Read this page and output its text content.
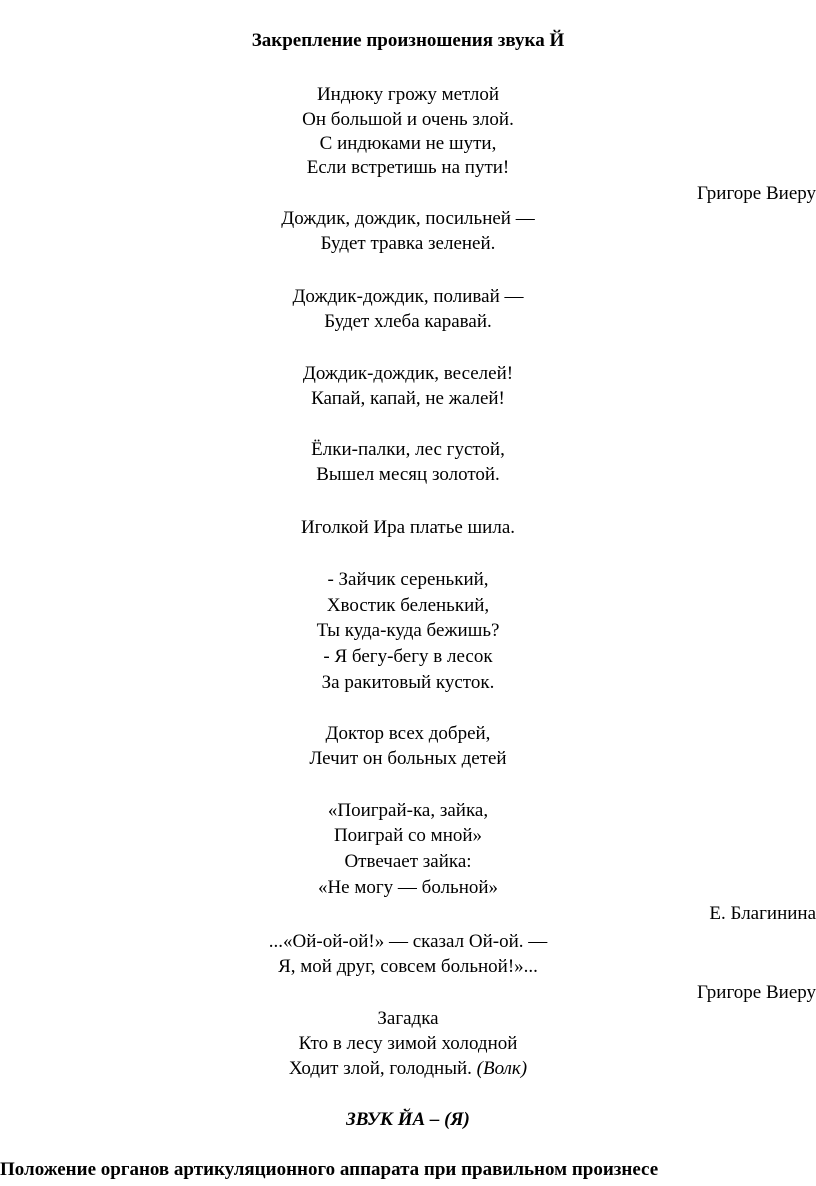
Закрепление произношения звука Й
Индюку грожу метлой
Он большой и очень злой.
С индюками не шути,
Если встретишь на пути!
Григоре Виеру
Дождик, дождик, посильней —
Будет травка зеленей.
Дождик-дождик, поливай —
Будет хлеба каравай.
Дождик-дождик, веселей!
Капай, капай, не жалей!
Ёлки-палки, лес густой,
Вышел месяц золотой.
Иголкой Ира платье шила.
- Зайчик серенький,
Хвостик беленький,
Ты куда-куда бежишь?
- Я бегу-бегу в лесок
За ракитовый кусток.
Доктор всех добрей,
Лечит он больных детей
«Поиграй-ка, зайка,
Поиграй со мной»
Отвечает зайка:
«Не могу — больной»
Е. Благинина
...«Ой-ой-ой!» — сказал Ой-ой. —
Я, мой друг, совсем больной!»...
Григоре Виеру
Загадка
Кто в лесу зимой холодной
Ходит злой, голодный. (Волк)
ЗВУК ЙА – (Я)
Положение органов артикуляционного аппарата при правильном произнесе
